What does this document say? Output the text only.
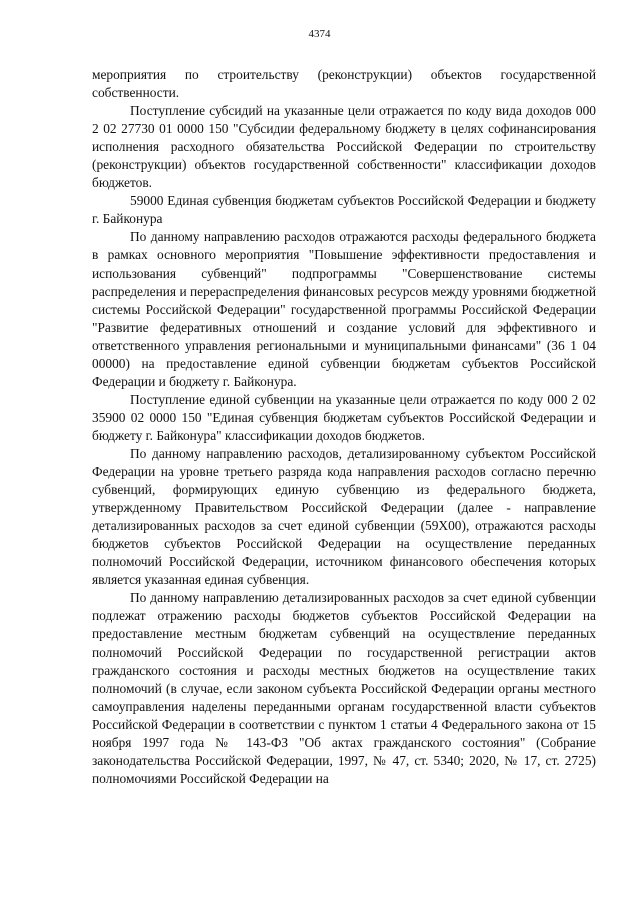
4374

мероприятия по строительству (реконструкции) объектов государственной собственности.

Поступление субсидий на указанные цели отражается по коду вида доходов 000 2 02 27730 01 0000 150 "Субсидии федеральному бюджету в целях софинансирования исполнения расходного обязательства Российской Федерации по строительству (реконструкции) объектов государственной собственности" классификации доходов бюджетов.

59000 Единая субвенция бюджетам субъектов Российской Федерации и бюджету г. Байконура

По данному направлению расходов отражаются расходы федерального бюджета в рамках основного мероприятия "Повышение эффективности предоставления и использования субвенций" подпрограммы "Совершенствование системы распределения и перераспределения финансовых ресурсов между уровнями бюджетной системы Российской Федерации" государственной программы Российской Федерации "Развитие федеративных отношений и создание условий для эффективного и ответственного управления региональными и муниципальными финансами" (36 1 04 00000) на предоставление единой субвенции бюджетам субъектов Российской Федерации и бюджету г. Байконура.

Поступление единой субвенции на указанные цели отражается по коду 000 2 02 35900 02 0000 150 "Единая субвенция бюджетам субъектов Российской Федерации и бюджету г. Байконура" классификации доходов бюджетов.

По данному направлению расходов, детализированному субъектом Российской Федерации на уровне третьего разряда кода направления расходов согласно перечню субвенций, формирующих единую субвенцию из федерального бюджета, утвержденному Правительством Российской Федерации (далее - направление детализированных расходов за счет единой субвенции (59Х00), отражаются расходы бюджетов субъектов Российской Федерации на осуществление переданных полномочий Российской Федерации, источником финансового обеспечения которых является указанная единая субвенция.

По данному направлению детализированных расходов за счет единой субвенции подлежат отражению расходы бюджетов субъектов Российской Федерации на предоставление местным бюджетам субвенций на осуществление переданных полномочий Российской Федерации по государственной регистрации актов гражданского состояния и расходы местных бюджетов на осуществление таких полномочий (в случае, если законом субъекта Российской Федерации органы местного самоуправления наделены переданными органам государственной власти субъектов Российской Федерации в соответствии с пунктом 1 статьи 4 Федерального закона от 15 ноября 1997 года № 143-ФЗ "Об актах гражданского состояния" (Собрание законодательства Российской Федерации, 1997, № 47, ст. 5340; 2020, № 17, ст. 2725) полномочиями Российской Федерации на
